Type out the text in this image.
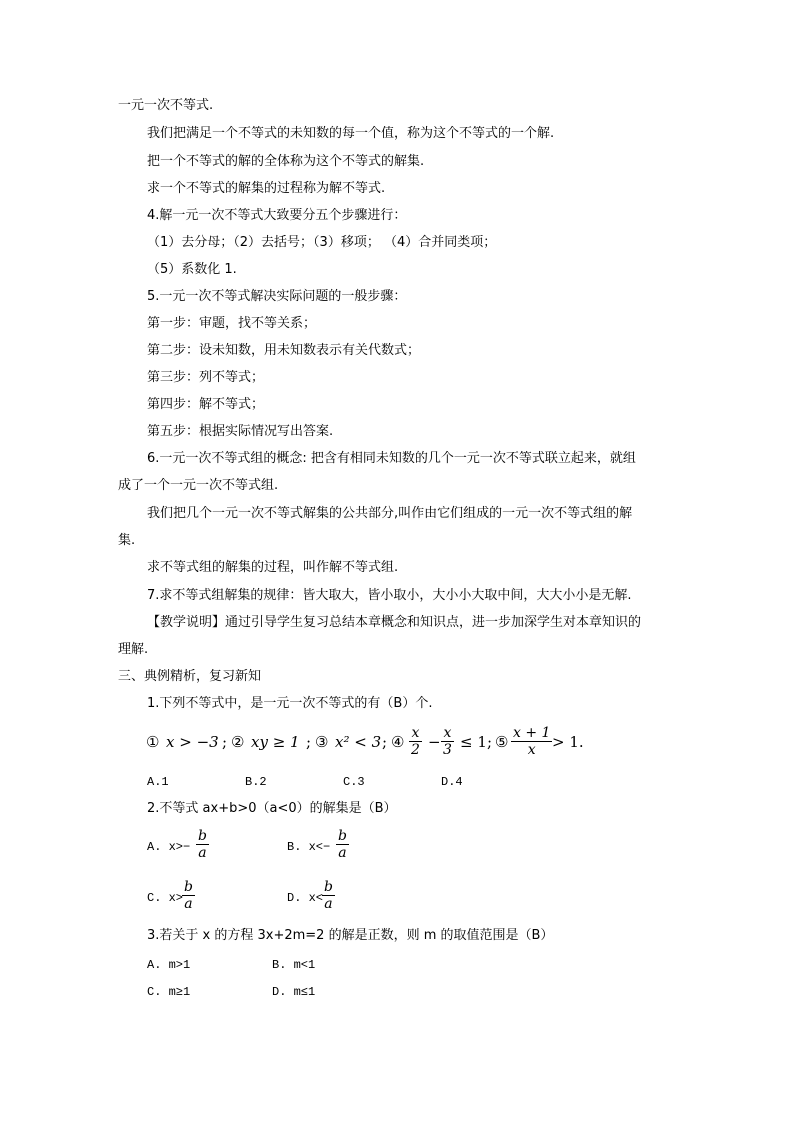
一元一次不等式.
我们把满足一个不等式的未知数的每一个值，称为这个不等式的一个解.
把一个不等式的解的全体称为这个不等式的解集.
求一个不等式的解集的过程称为解不等式.
4.解一元一次不等式大致要分五个步骤进行：
（1）去分母；（2）去括号；（3）移项； （4）合并同类项；
（5）系数化 1.
5.一元一次不等式解决实际问题的一般步骤：
第一步：审题，找不等关系；
第二步：设未知数，用未知数表示有关代数式；
第三步：列不等式；
第四步：解不等式；
第五步：根据实际情况写出答案.
6.一元一次不等式组的概念: 把含有相同未知数的几个一元一次不等式联立起来，就组
成了一个一元一次不等式组.
我们把几个一元一次不等式解集的公共部分,叫作由它们组成的一元一次不等式组的解
集.
求不等式组的解集的过程，叫作解不等式组.
7.求不等式组解集的规律：皆大取大，皆小取小，大小小大取中间，大大小小是无解.
【教学说明】通过引导学生复习总结本章概念和知识点，进一步加深学生对本章知识的
理解.
三、典例精析，复习新知
1.下列不等式中，是一元一次不等式的有（B）个.
① x > −3 ; ② xy ≥ 1 ; ③ x² < 3 ; ④ x
2 − x
3 ≤ 1 ; ⑤ x + 1
x	> 1.
A.1	B.2	C.3	D.4
2.不等式 ax+b>0（a<0）的解集是（B）
A. x>−
b
a	B. x<−
b
a
C. x>
b
a	D. x<
b
a
3.若关于 x 的方程 3x+2m=2 的解是正数，则 m 的取值范围是（B）
A. m>1	B. m<1
C. m≥1	D. m≤1
